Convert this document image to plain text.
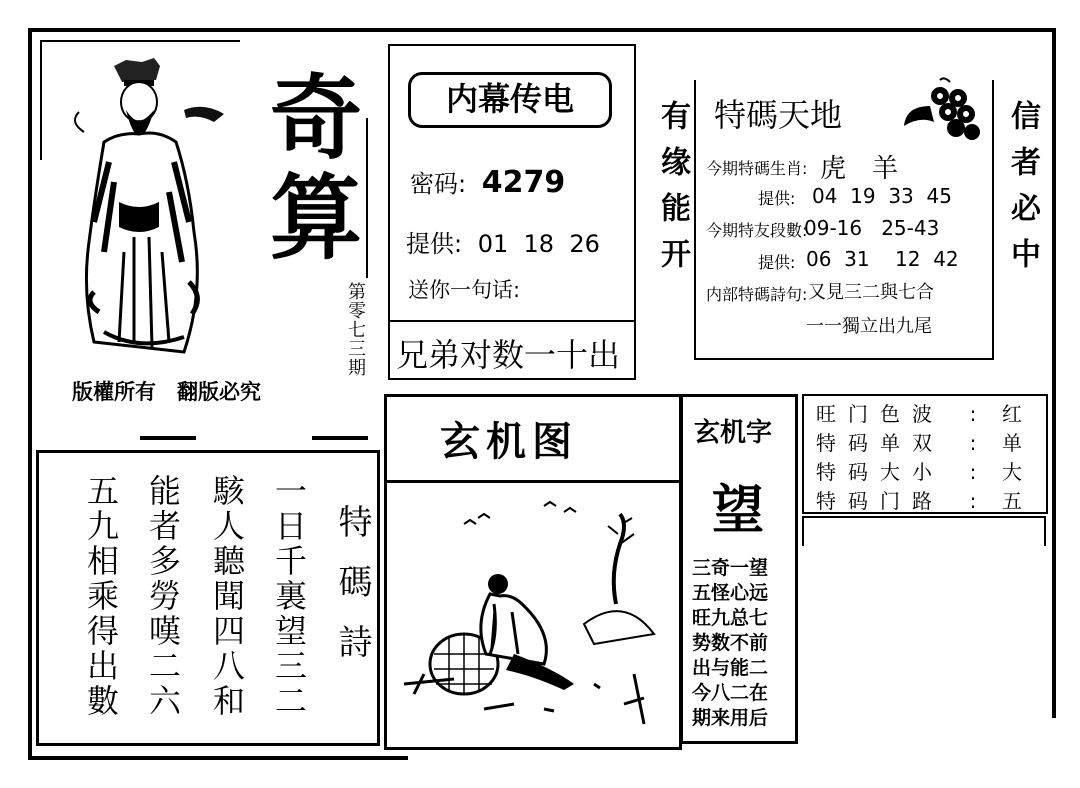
奇
算
第零七三期
版權所有　翻版必究
内幕传电
密码: 4279
提供: 01  18  26
送你一句话:
兄弟对数一十出
有缘能开 特碼天地
今期特碼生肖: 虎　羊
提供: 04  19  33  45
今期特友段數:
09-16   25-43
提供: 06  31    12  42
内部特碼詩句: 又見三二與七合
一一獨立出九尾
信者必中
旺门色波 : 红
特码单双 : 单
特码大小 : 大
特码门路 : 五
玄机图	玄机字
望
三奇一望
五怪心远
旺九总七
势数不前
出与能二
今八二在
期来用后
特碼詩
一日千裏望三二
駭人聽聞四八和
能者多勞嘆二六
五九相乘得出數
